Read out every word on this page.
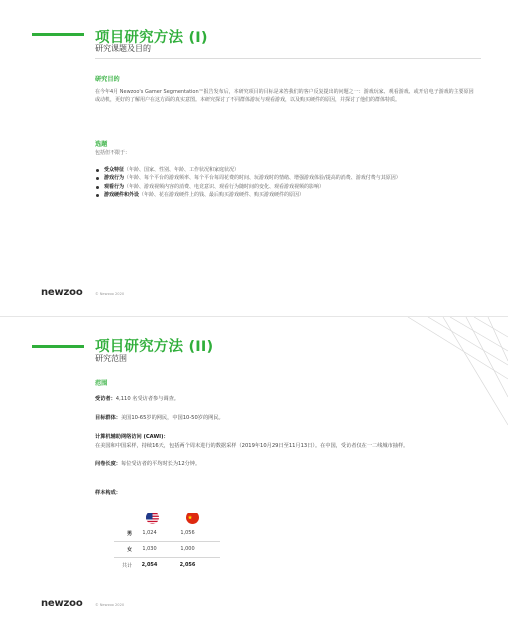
项目研究方法 (I)
研究课题及目的
研究目的
在今年4月 Newzoo's Gamer Segmentation™报告发布后，本研究项目的目标是来答我们的客户反复提出的问题之一：游戏玩家、观看游戏、或开启电子游戏的主要原因或动机，更好的了解用户在这方面的真实意图。本研究探讨了不同群体游玩与观看游戏，以及购买硬件的原因，并探讨了他们的群体特质。
选题
包括但不限于：
受众特征（年龄、国家、性别、年龄、工作状况和家庭状况）
游戏行为（年龄、每个平台的游戏频率、每个平台每周花费的时间、玩游戏时的情绪、增强游戏体验/提高的消费、游戏付费与其原因）
观看行为（年龄、游戏视频内容的消费、电竞意识、观看行为随时间的变化、观看游戏视频的影响）
游戏硬件和外设（年龄、花在游戏硬件上的钱、最后购买游戏硬件、购买游戏硬件的原因）
newzoo	© Newzoo 2020
项目研究方法 (II)
研究范围
范围
受访者：4,110 名受访者参与调查。
目标群体：美国10-65岁的网民，中国10-50岁的网民。
计算机辅助网络访问 (CAWI)：
在美国和中国采样，持续16天，包括两个周末进行的数据采样（2019年10月29日至11月13日）。在中国，受访者仅在一二线城市抽样。
问卷长度：每位受访者的平均时长为12分钟。
样本构成：
男	1,024	1,056
女	1,030	1,000
共计	2,054	2,056
newzoo	© Newzoo 2020
